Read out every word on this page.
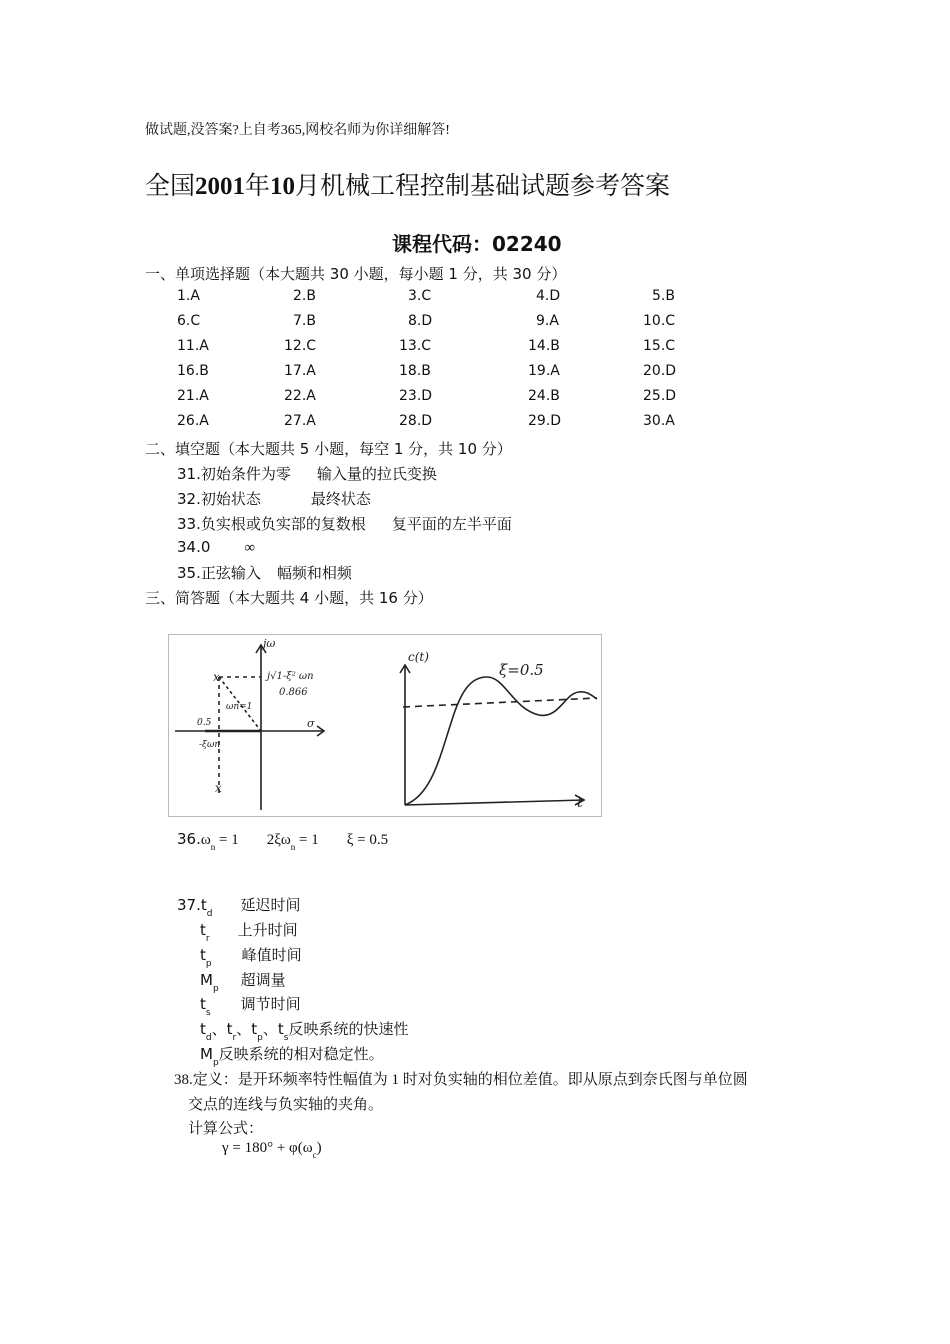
做试题,没答案?上自考365,网校名师为你详细解答!
全国2001年10月机械工程控制基础试题参考答案
课程代码：02240
一、单项选择题（本大题共 30 小题，每小题 1 分，共 30 分）
1.A	2.B	3.C	4.D	5.B
6.C	7.B	8.D	9.A	10.C
11.A	12.C	13.C	14.B	15.C
16.B	17.A	18.B	19.A	20.D
21.A	22.A	23.D	24.B	25.D
26.A	27.A	28.D	29.D	30.A
二、填空题（本大题共 5 小题，每空 1 分，共 10 分）
31.初始条件为零 输入量的拉氏变换
32.初始状态	最终状态
33.负实根或负实部的复数根 复平面的左半平面
34.0 ∞
35.正弦输入 幅频和相频
三、简答题（本大题共 4 小题，共 16 分）
jω
j√1-ξ² ωn
0.866
ωn=1
σ
0.5
-ξωn
x
x
c(t)
ξ=0.5
t
$36.\omega_n = 1$ $2\xi\omega_n = 1$ ξ = 0.5
$37.t_d$ 延迟时间
$t_r$ 上升时间
$t_p$ 峰值时间
$M_p$ 超调量
$t_s$ 调节时间
$t_d$、$t_r$、$t_p$、$t_s$反映系统的快速性
$M_p$反映系统的相对稳定性。
38.定义：是开环频率特性幅值为 1 时对负实轴的相位差值。即从原点到奈氏图与单位圆
交点的连线与负实轴的夹角。
计算公式：
$\gamma = 180^\circ + \varphi(\omega_c)$
